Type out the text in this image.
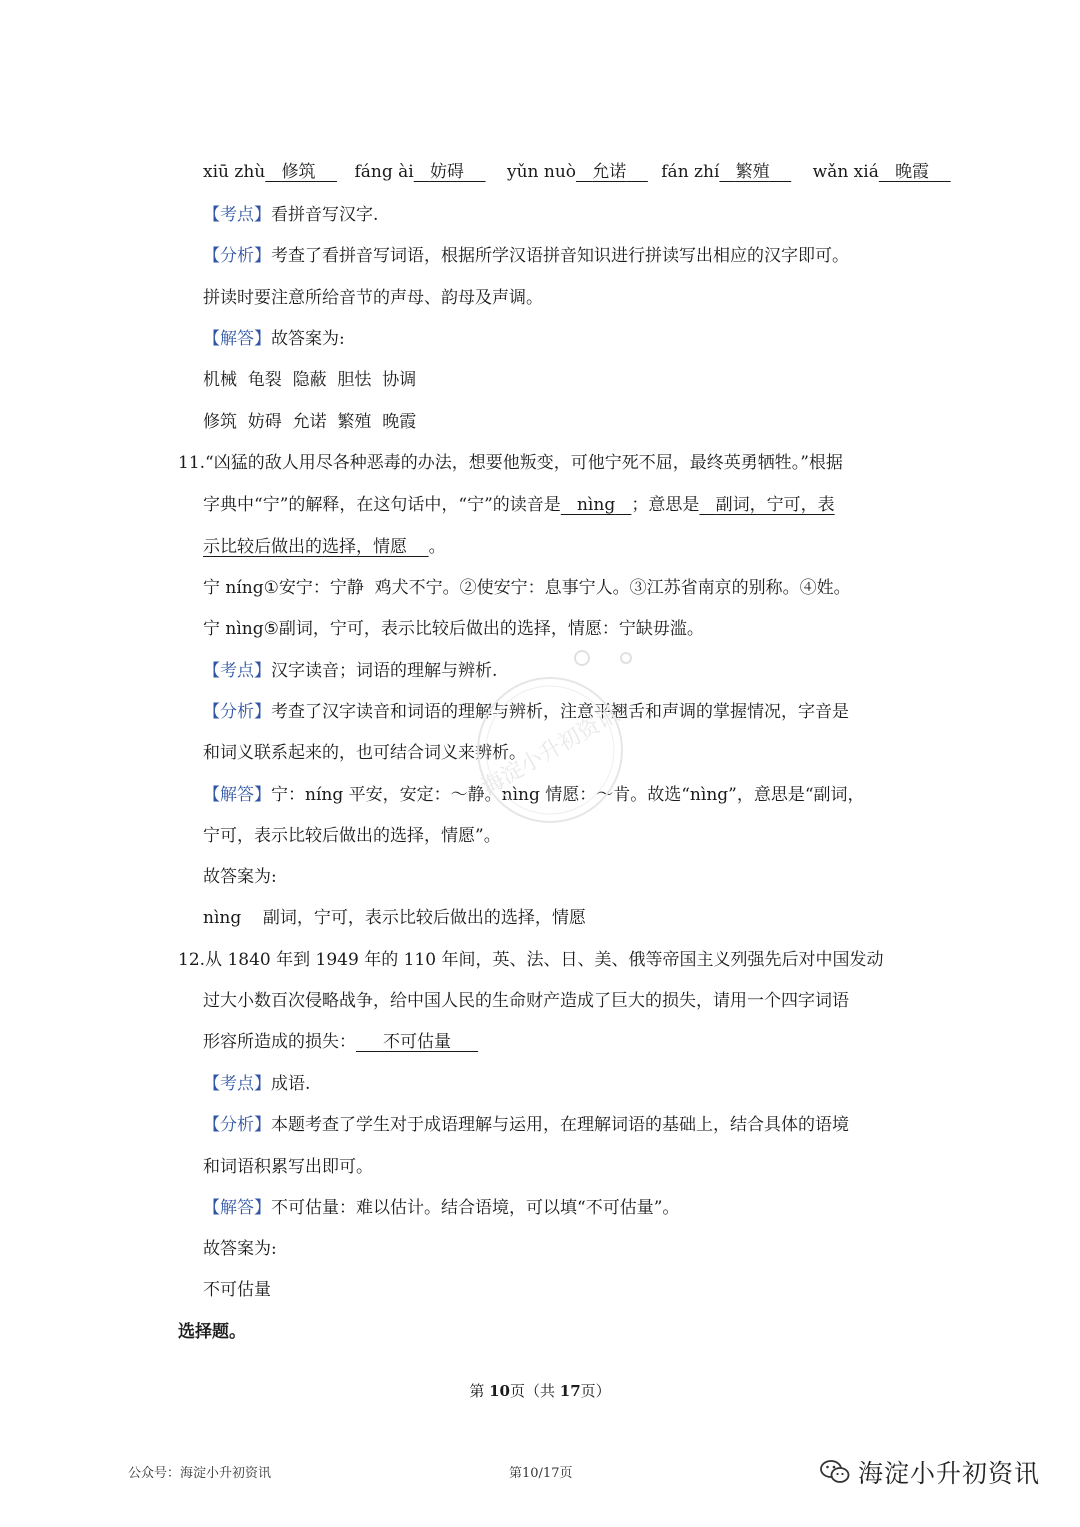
xiū zhù 修筑 fáng ài 妨碍	yǔn nuò 允诺 fán zhí 繁殖	wǎn xiá 晚霞
【考点】看拼音写汉字.
【分析】考查了看拼音写词语，根据所学汉语拼音知识进行拼读写出相应的汉字即可。
拼读时要注意所给音节的声母、韵母及声调。
【解答】故答案为:
机械  龟裂  隐蔽  胆怯  协调
修筑  妨碍  允诺  繁殖  晚霞
11.“凶猛的敌人用尽各种恶毒的办法，想要他叛变，可他宁死不屈，最终英勇牺牲。”根据
字典中“宁”的解释，在这句话中，“宁”的读音是 nìng ；意思是 副词，宁可，表
示比较后做出的选择，情愿 。
宁 níng①安宁：宁静  鸡犬不宁。②使安宁：息事宁人。③江苏省南京的别称。④姓。
宁 nìng⑤副词，宁可，表示比较后做出的选择，情愿：宁缺毋滥。
【考点】汉字读音；词语的理解与辨析.
【分析】考查了汉字读音和词语的理解与辨析，注意平翘舌和声调的掌握情况，字音是
和词义联系起来的，也可结合词义来辨析。
【解答】宁：níng 平安，安定：～静。nìng 情愿：～肯。故选“nìng”，意思是“副词，
宁可，表示比较后做出的选择，情愿”。
故答案为:
nìng    副词，宁可，表示比较后做出的选择，情愿
12.从 1840 年到 1949 年的 110 年间，英、法、日、美、俄等帝国主义列强先后对中国发动
过大小数百次侵略战争，给中国人民的生命财产造成了巨大的损失，请用一个四字词语
形容所造成的损失： 不可估量
【考点】成语.
【分析】本题考查了学生对于成语理解与运用，在理解词语的基础上，结合具体的语境
和词语积累写出即可。
【解答】不可估量：难以估计。结合语境，可以填“不可估量”。
故答案为:
不可估量
选择题。
第 10页（共 17页）
公众号：海淀小升初资讯	第10/17页	海淀小升初资讯
海淀小升初资讯
